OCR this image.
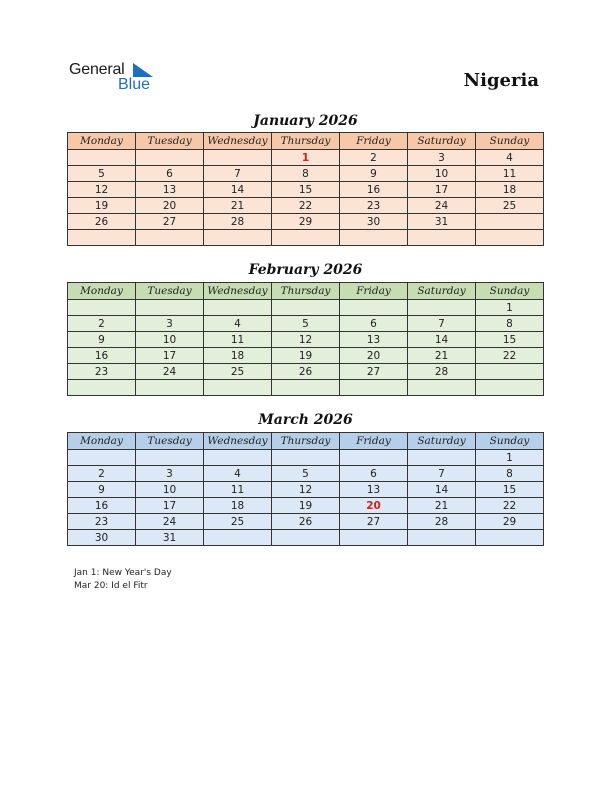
General
Blue	Nigeria
January 2026
Monday	Tuesday	Wednesday	Thursday	Friday	Saturday	Sunday
			1	2	3	4
5	6	7	8	9	10	11
12	13	14	15	16	17	18
19	20	21	22	23	24	25
26	27	28	29	30	31	

February 2026
Monday	Tuesday	Wednesday	Thursday	Friday	Saturday	Sunday
						1
2	3	4	5	6	7	8
9	10	11	12	13	14	15
16	17	18	19	20	21	22
23	24	25	26	27	28	

March 2026
Monday	Tuesday	Wednesday	Thursday	Friday	Saturday	Sunday
						1
2	3	4	5	6	7	8
9	10	11	12	13	14	15
16	17	18	19	20	21	22
23	24	25	26	27	28	29
30	31					
Jan 1: New Year's Day
Mar 20: Id el Fitr
